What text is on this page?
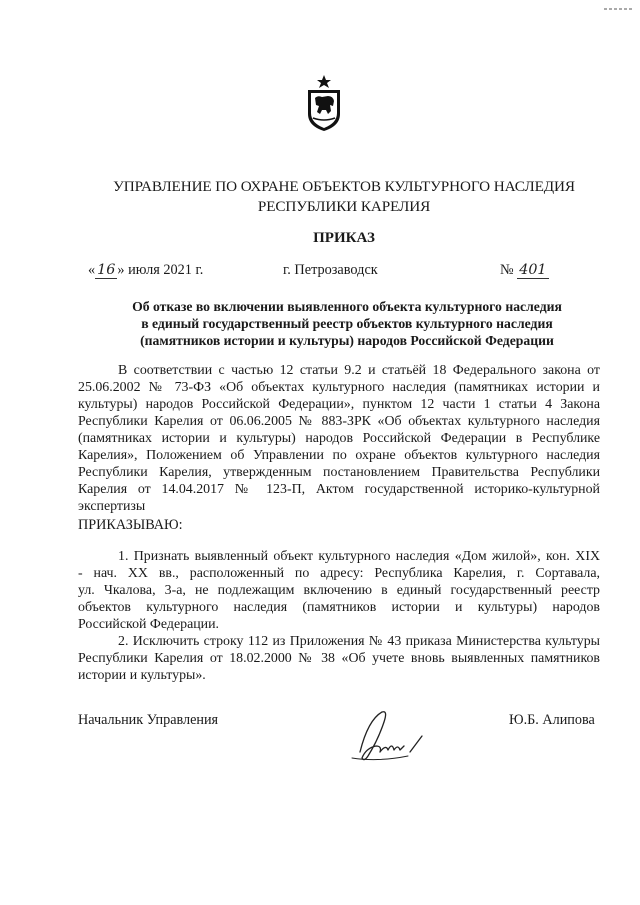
УПРАВЛЕНИЕ ПО ОХРАНЕ ОБЪЕКТОВ КУЛЬТУРНОГО НАСЛЕДИЯ
РЕСПУБЛИКИ КАРЕЛИЯ
ПРИКАЗ
« 16 » июля 2021 г.	г. Петрозаводск	№ 401
Об отказе во включении выявленного объекта культурного наследия
в единый государственный реестр объектов культурного наследия
(памятников истории и культуры) народов Российской Федерации
В соответствии с частью 12 статьи 9.2 и статьёй 18 Федерального закона от
25.06.2002 № 73-ФЗ «Об объектах культурного наследия (памятниках истории и
культуры) народов Российской Федерации», пунктом 12 части 1 статьи 4 Закона
Республики Карелия от 06.06.2005 № 883-ЗРК «Об объектах культурного наследия
(памятниках истории и культуры) народов Российской Федерации в Республике
Карелия», Положением об Управлении по охране объектов культурного наследия
Республики Карелия, утвержденным постановлением Правительства Республики
Карелия от 14.04.2017 № 123-П, Актом государственной историко-культурной
экспертизы
ПРИКАЗЫВАЮ:
1. Признать выявленный объект культурного наследия «Дом жилой», кон. XIX
- нач. XX вв., расположенный по адресу: Республика Карелия, г. Сортавала,
ул. Чкалова, 3-а, не подлежащим включению в единый государственный реестр
объектов культурного наследия (памятников истории и культуры) народов
Российской Федерации.
2. Исключить строку 112 из Приложения № 43 приказа Министерства культуры
Республики Карелия от 18.02.2000 № 38 «Об учете вновь выявленных памятников
истории и культуры».
Начальник Управления	Ю.Б. Алипова
